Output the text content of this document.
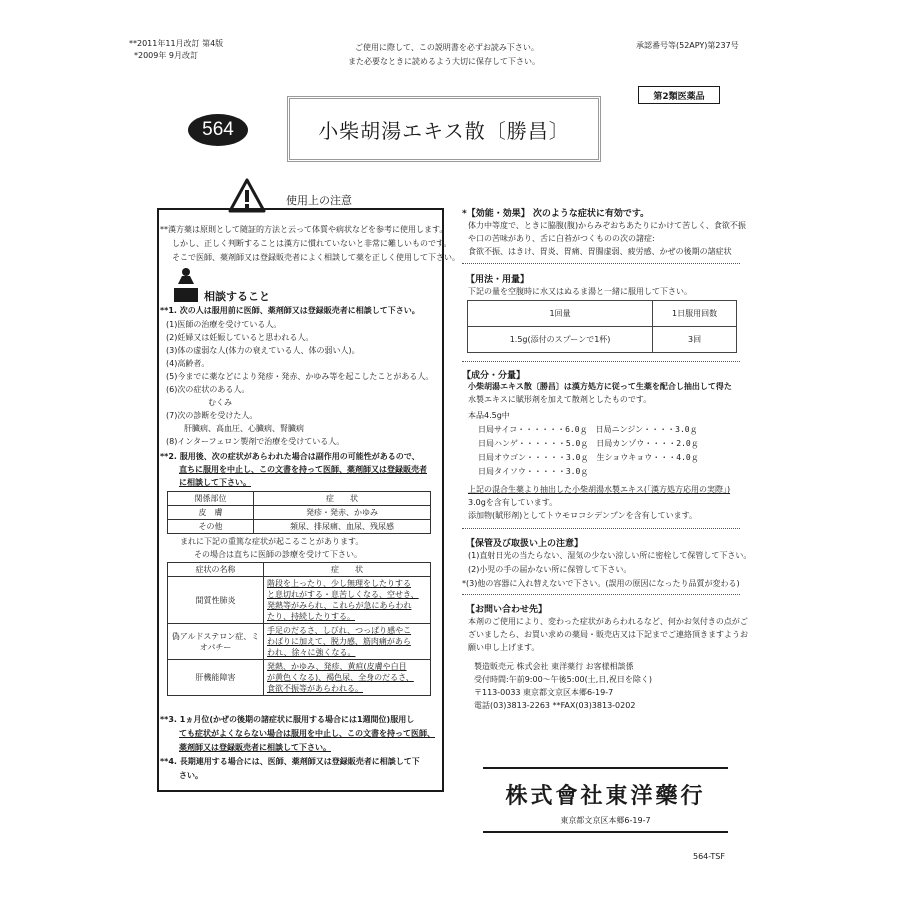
**2011年11月改訂 第4版
*2009年 9月改訂
ご使用に際して、この説明書を必ずお読み下さい。
また必要なときに読めるよう大切に保存して下さい。
承認番号等(52APY)第237号
第2類医薬品
564	小柴胡湯エキス散〔勝昌〕
使用上の注意
**漢方薬は原則として随証的方法と云って体質や病状などを参考に使用します。
しかし、正しく判断することは漢方に慣れていないと非常に難しいものです。
そこで医師、薬剤師又は登録販売者によく相談して薬を正しく使用して下さい。
相談すること
**1. 次の人は服用前に医師、薬剤師又は登録販売者に相談して下さい。
(1)医師の治療を受けている人。
(2)妊婦又は妊娠していると思われる人。
(3)体の虚弱な人(体力の衰えている人、体の弱い人)。
(4)高齢者。
(5)今までに薬などにより発疹・発赤、かゆみ等を起こしたことがある人。
(6)次の症状のある人。
むくみ
(7)次の診断を受けた人。
肝臓病、高血圧、心臓病、腎臓病
(8)インターフェロン製剤で治療を受けている人。
**2. 服用後、次の症状があらわれた場合は副作用の可能性があるので、
直ちに服用を中止し、この文書を持って医師、薬剤師又は登録販売者
に相談して下さい。
関係部位	症　　状
皮　膚	発疹・発赤、かゆみ
その他	頻尿、排尿痛、血尿、残尿感
まれに下記の重篤な症状が起こることがあります。
その場合は直ちに医師の診療を受けて下さい。
症状の名称	症　　状
間質性肺炎	階段を上ったり、少し無理をしたりする
と息切れがする・息苦しくなる、空せき、
発熱等がみられ、これらが急にあらわれ
たり、持続したりする。

偽アルドステロン症、ミオパチー	手足のだるさ、しびれ、つっぱり感やこ
わばりに加えて、脱力感、筋肉痛があら
われ、徐々に強くなる。

肝機能障害	発熱、かゆみ、発疹、黄疸(皮膚や白目
が黄色くなる)、褐色尿、全身のだるさ、
食欲不振等があらわれる。
**3. 1ヵ月位(かぜの後期の諸症状に服用する場合には1週間位)服用し
ても症状がよくならない場合は服用を中止し、この文書を持って医師、
薬剤師又は登録販売者に相談して下さい。
**4. 長期連用する場合には、医師、薬剤師又は登録販売者に相談して下
さい。
*【効能・効果】 次のような症状に有効です。
体力中等度で、ときに脇腹(腹)からみぞおちあたりにかけて苦しく、食欲不振
や口の苦味があり、舌に白苔がつくものの次の諸症:
食欲不振、はきけ、胃炎、胃痛、胃腸虚弱、疲労感、かぜの後期の諸症状
【用法・用量】
下記の量を空腹時に水又はぬるま湯と一緒に服用して下さい。
1回量	1日服用回数
1.5g(添付のスプーンで1杯)	3回
【成分・分量】
小柴胡湯エキス散〔勝昌〕は漢方処方に従って生薬を配合し抽出して得た
水製エキスに賦形剤を加えて散剤としたものです。
本品4.5g中
日局サイコ・・・・・・6.0ｇ　日局ニンジン・・・・3.0ｇ
日局ハンゲ・・・・・・5.0ｇ　日局カンゾウ・・・・2.0ｇ
日局オウゴン・・・・・3.0ｇ　生ショウキョウ・・・4.0ｇ
日局タイソウ・・・・・3.0ｇ
上記の混合生薬より抽出した小柴胡湯水製エキス(「漢方処方応用の実際」)
3.0gを含有しています。
添加物(賦形剤)としてトウモロコシデンプンを含有しています。
【保管及び取扱い上の注意】
(1)直射日光の当たらない、湿気の少ない涼しい所に密栓して保管して下さい。
(2)小児の手の届かない所に保管して下さい。
*(3)他の容器に入れ替えないで下さい。(誤用の原因になったり品質が変わる)
【お問い合わせ先】
本剤のご使用により、変わった症状があらわれるなど、何かお気付きの点がご
ざいましたら、お買い求めの薬局・販売店又は下記までご連絡頂きますようお
願い申し上げます。
製造販売元 株式会社 東洋薬行 お客様相談係
受付時間:午前9:00〜午後5:00(土,日,祝日を除く)
〒113-0033 東京都文京区本郷6-19-7
電話(03)3813-2263 **FAX(03)3813-0202
株式會社東洋藥行
東京都文京区本郷6-19-7
564-TSF
